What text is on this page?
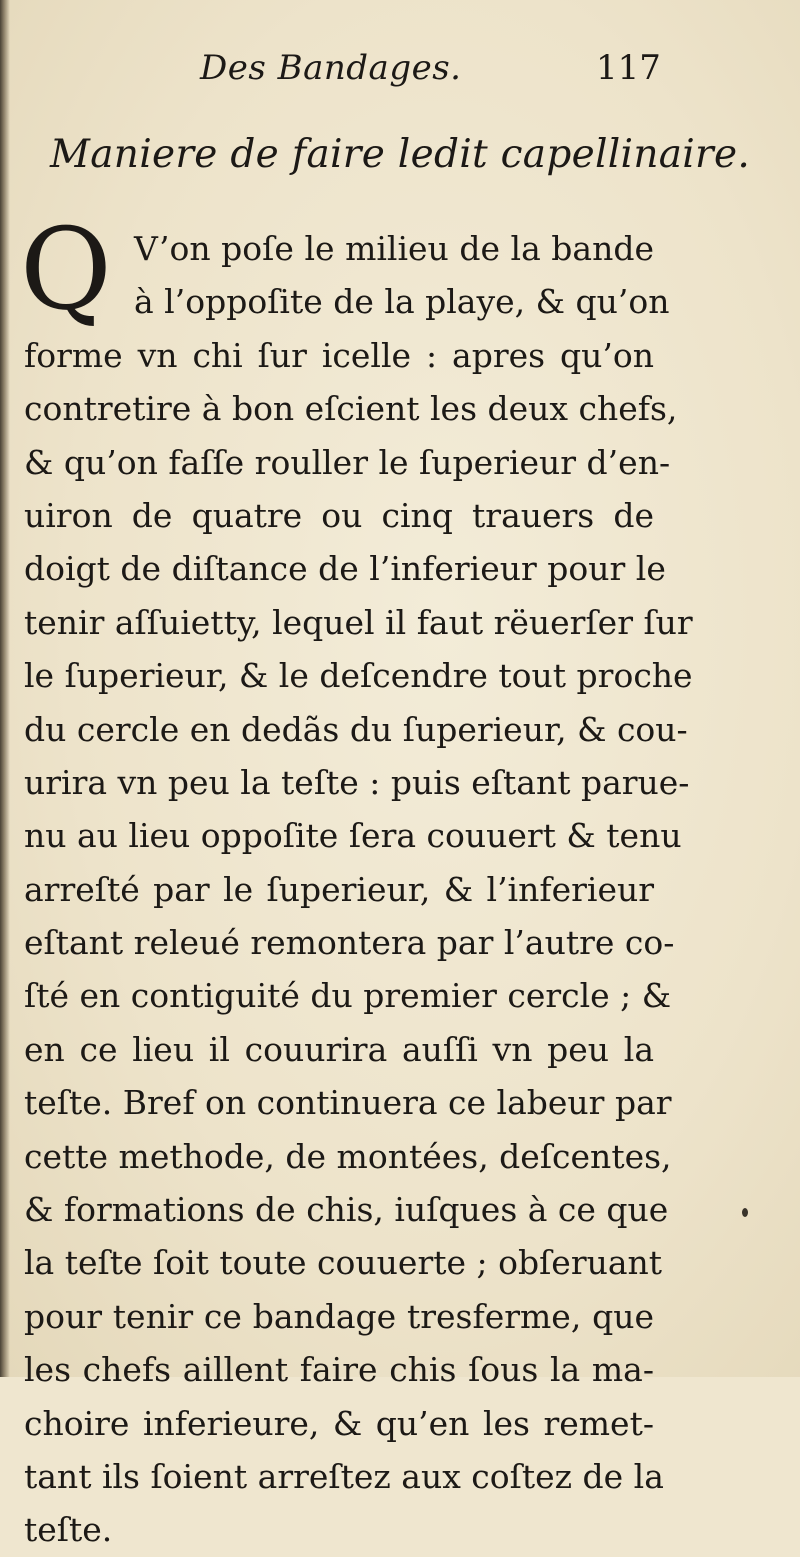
Des Bandages.	117
Maniere de faire ledit capellinaire.
Q V’on poſe le milieu de la bande
à l’oppoſite de la playe, & qu’on
forme vn chi ſur icelle : apres qu’on
contretire à bon eſcient les deux chefs,
& qu’on faſſe rouller le ſuperieur d’en-
uiron de quatre ou cinq trauers de
doigt de diſtance de l’inferieur pour le
tenir aſſuietty, lequel il faut rëuerſer ſur
le ſuperieur, & le deſcendre tout proche
du cercle en dedãs du ſuperieur, & cou-
urira vn peu la teſte : puis eſtant parue-
nu au lieu oppoſite ſera couuert & tenu
arreſté par le ſuperieur, & l’inferieur
eſtant releué remontera par l’autre co-
ſté en contiguité du premier cercle ; &
en ce lieu il couurira auſſi vn peu la
teſte. Bref on continuera ce labeur par
cette methode, de montées, deſcentes,
& formations de chis, iuſques à ce que
la teſte ſoit toute couuerte ; obſeruant
pour tenir ce bandage tresferme, que
les chefs aillent faire chis ſous la ma-
choire inferieure, & qu’en les remet-
tant ils ſoient arreſtez aux coſtez de la
teſte.
